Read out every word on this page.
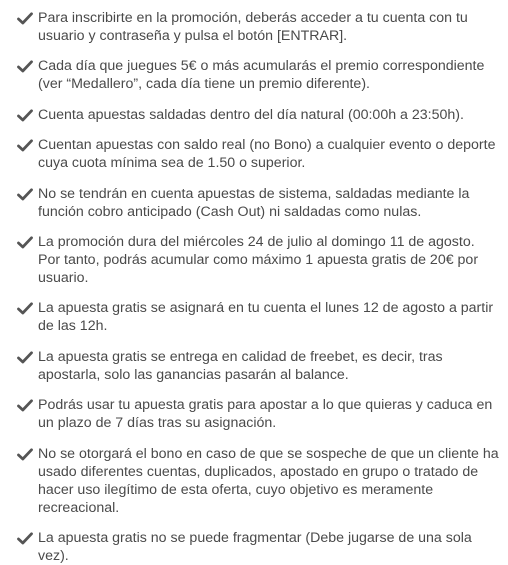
Para inscribirte en la promoción, deberás acceder a tu cuenta con tu usuario y contraseña y pulsa el botón [ENTRAR].
Cada día que juegues 5€ o más acumularás el premio correspondiente (ver “Medallero”, cada día tiene un premio diferente).
Cuenta apuestas saldadas dentro del día natural (00:00h a 23:50h).
Cuentan apuestas con saldo real (no Bono) a cualquier evento o deporte cuya cuota mínima sea de 1.50 o superior.
No se tendrán en cuenta apuestas de sistema, saldadas mediante la función cobro anticipado (Cash Out) ni saldadas como nulas.
La promoción dura del miércoles 24 de julio al domingo 11 de agosto. Por tanto, podrás acumular como máximo 1 apuesta gratis de 20€ por usuario.
La apuesta gratis se asignará en tu cuenta el lunes 12 de agosto a partir de las 12h.
La apuesta gratis se entrega en calidad de freebet, es decir, tras apostarla, solo las ganancias pasarán al balance.
Podrás usar tu apuesta gratis para apostar a lo que quieras y caduca en un plazo de 7 días tras su asignación.
No se otorgará el bono en caso de que se sospeche de que un cliente ha usado diferentes cuentas, duplicados, apostado en grupo o tratado de hacer uso ilegítimo de esta oferta, cuyo objetivo es meramente recreacional.
La apuesta gratis no se puede fragmentar (Debe jugarse de una sola vez).
